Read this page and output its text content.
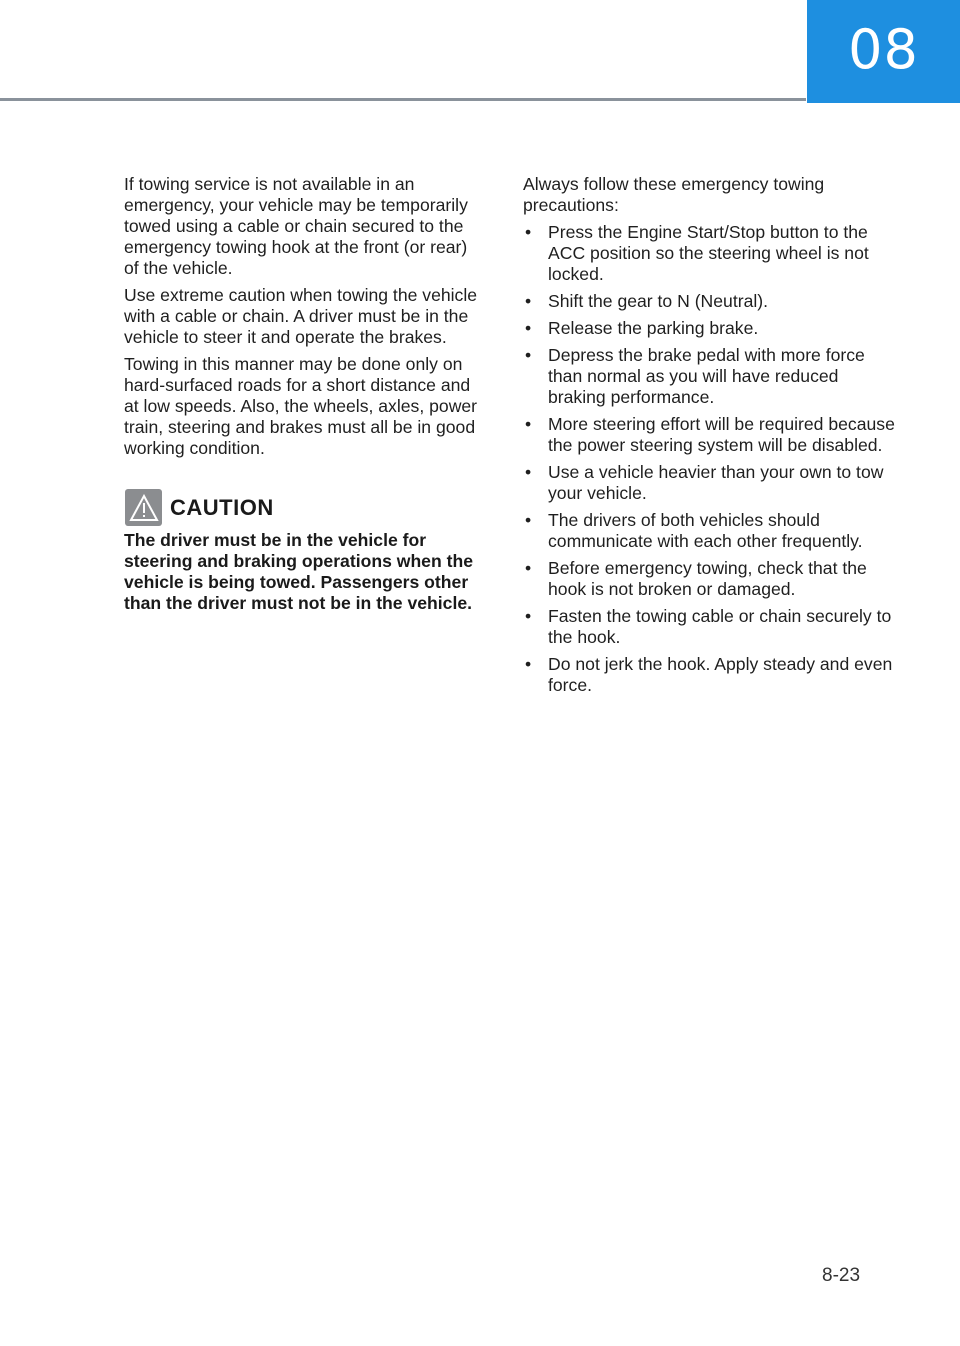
08

If towing service is not available in an emergency, your vehicle may be temporarily towed using a cable or chain secured to the emergency towing hook at the front (or rear) of the vehicle.

Use extreme caution when towing the vehicle with a cable or chain. A driver must be in the vehicle to steer it and operate the brakes.

Towing in this manner may be done only on hard-surfaced roads for a short distance and at low speeds. Also, the wheels, axles, power train, steering and brakes must all be in good working condition.

CAUTION

The driver must be in the vehicle for steering and braking operations when the vehicle is being towed. Passengers other than the driver must not be in the vehicle.

Always follow these emergency towing precautions:

• Press the Engine Start/Stop button to the ACC position so the steering wheel is not locked.
• Shift the gear to N (Neutral).
• Release the parking brake.
• Depress the brake pedal with more force than normal as you will have reduced braking performance.
• More steering effort will be required because the power steering system will be disabled.
• Use a vehicle heavier than your own to tow your vehicle.
• The drivers of both vehicles should communicate with each other frequently.
• Before emergency towing, check that the hook is not broken or damaged.
• Fasten the towing cable or chain securely to the hook.
• Do not jerk the hook. Apply steady and even force.
8-23
